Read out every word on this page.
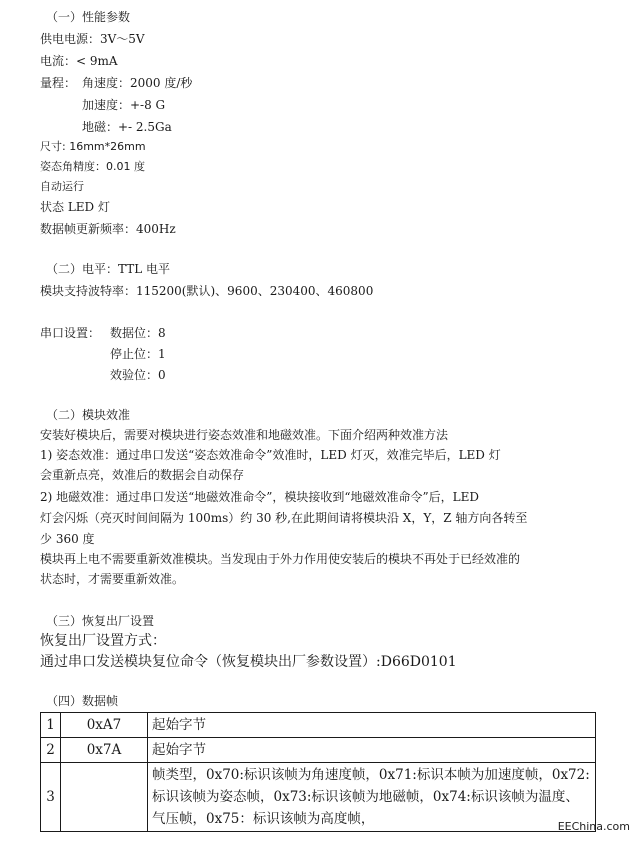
（一）性能参数
供电电源：3V～5V
电流：< 9mA
量程： 角速度：2000 度/秒
加速度：+-8 G
地磁：+- 2.5Ga
尺寸: 16mm*26mm
姿态角精度：0.01 度
自动运行
状态 LED 灯
数据帧更新频率：400Hz
（二）电平：TTL 电平
模块支持波特率：115200(默认)、9600、230400、460800
串口设置： 数据位：8
停止位：1
效验位：0
（二）模块效准
安装好模块后，需要对模块进行姿态效准和地磁效准。下面介绍两种效准方法
1) 姿态效准：通过串口发送“姿态效准命令”效准时，LED 灯灭，效准完毕后，LED 灯
会重新点亮，效准后的数据会自动保存
2) 地磁效准：通过串口发送“地磁效准命令”，模块接收到“地磁效准命令”后，LED
灯会闪烁（亮灭时间间隔为 100ms）约 30 秒,在此期间请将模块沿 X，Y，Z 轴方向各转至
少 360 度
模块再上电不需要重新效准模块。当发现由于外力作用使安装后的模块不再处于已经效准的
状态时，才需要重新效准。
（三）恢复出厂设置
恢复出厂设置方式：
通过串口发送模块复位命令（恢复模块出厂参数设置）:D66D0101
（四）数据帧
1	0xA7	起始字节
2	0x7A	起始字节
3		帧类型，0x70:标识该帧为角速度帧，0x71:标识本帧为加速度帧，0x72:标识该帧为姿态帧，0x73:标识该帧为地磁帧，0x74:标识该帧为温度、气压帧，0x75：标识该帧为高度帧，	EEChina.com
